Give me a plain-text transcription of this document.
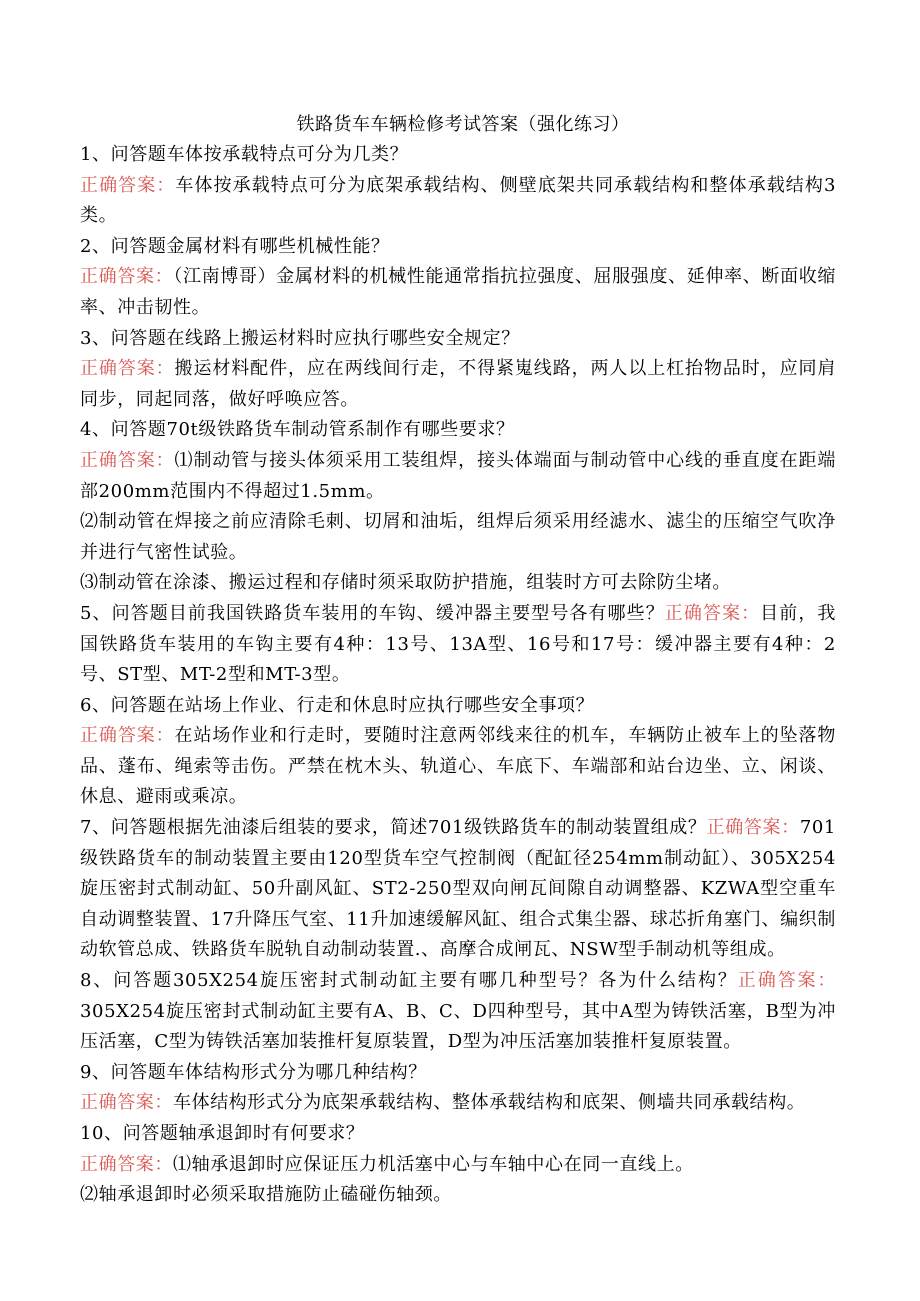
铁路货车车辆检修考试答案（强化练习）

1、问答题车体按承载特点可分为几类？

正确答案：车体按承载特点可分为底架承载结构、侧壁底架共同承载结构和整体承载结构3类。

2、问答题金属材料有哪些机械性能？

正确答案：（江南博哥）金属材料的机械性能通常指抗拉强度、屈服强度、延伸率、断面收缩率、冲击韧性。

3、问答题在线路上搬运材料时应执行哪些安全规定？

正确答案：搬运材料配件，应在两线间行走，不得紧嵬线路，两人以上杠抬物品时，应同肩同步，同起同落，做好呼唤应答。

4、问答题70t级铁路货车制动管系制作有哪些要求？

正确答案：⑴制动管与接头体须采用工装组焊，接头体端面与制动管中心线的垂直度在距端部200mm范围内不得超过1.5mm。

⑵制动管在焊接之前应清除毛刺、切屑和油垢，组焊后须采用经滤水、滤尘的压缩空气吹净并进行气密性试验。

⑶制动管在涂漆、搬运过程和存储时须采取防护措施，组装时方可去除防尘堵。

5、问答题目前我国铁路货车装用的车钩、缓冲器主要型号各有哪些？正确答案：目前，我国铁路货车装用的车钩主要有4种：13号、13A型、16号和17号：缓冲器主要有4种：2号、ST型、MT-2型和MT-3型。

6、问答题在站场上作业、行走和休息时应执行哪些安全事项？

正确答案：在站场作业和行走时，要随时注意两邻线来往的机车，车辆防止被车上的坠落物品、蓬布、绳索等击伤。严禁在枕木头、轨道心、车底下、车端部和站台边坐、立、闲谈、休息、避雨或乘凉。

7、问答题根据先油漆后组装的要求，简述701级铁路货车的制动装置组成？正确答案：701级铁路货车的制动装置主要由120型货车空气控制阀（配缸径254mm制动缸）、305X254旋压密封式制动缸、50升副风缸、ST2-250型双向闸瓦间隙自动调整器、KZWA型空重车自动调整装置、17升降压气室、11升加速缓解风缸、组合式集尘器、球芯折角塞门、编织制动软管总成、铁路货车脱轨自动制动装置.、高摩合成闸瓦、NSW型手制动机等组成。

8、问答题305X254旋压密封式制动缸主要有哪几种型号？各为什么结构？正确答案：305X254旋压密封式制动缸主要有A、B、C、D四种型号，其中A型为铸铁活塞，B型为冲压活塞，C型为铸铁活塞加装推杆复原装置，D型为冲压活塞加装推杆复原装置。

9、问答题车体结构形式分为哪几种结构？

正确答案：车体结构形式分为底架承载结构、整体承载结构和底架、侧墙共同承载结构。

10、问答题轴承退卸时有何要求？

正确答案：⑴轴承退卸时应保证压力机活塞中心与车轴中心在同一直线上。

⑵轴承退卸时必须采取措施防止磕碰伤轴颈。
